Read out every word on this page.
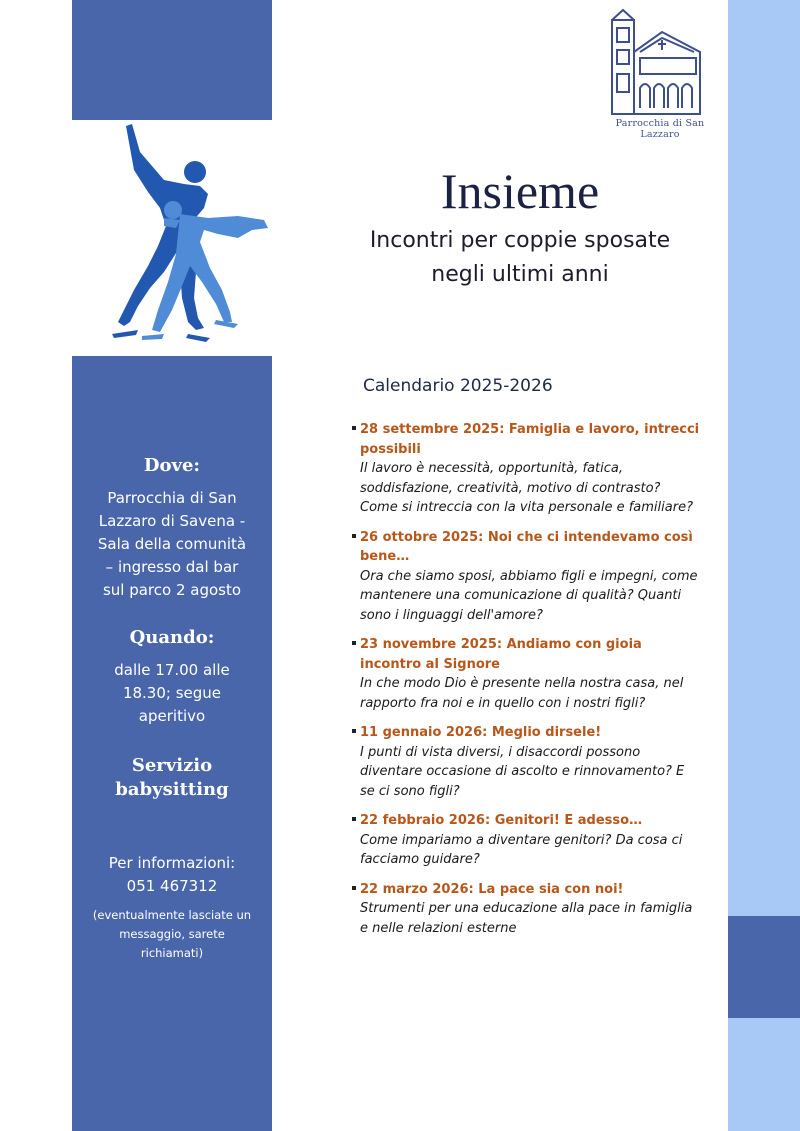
Parrocchia di San Lazzaro
Insieme
Incontri per coppie sposate
negli ultimi anni
Dove:
Parrocchia di San Lazzaro di Savena - Sala della comunità – ingresso dal bar sul parco 2 agosto
Quando:
dalle 17.00 alle 18.30; segue aperitivo
Servizio babysitting
Per informazioni:
051 467312
(eventualmente lasciate un messaggio, sarete richiamati)
Calendario 2025-2026
28 settembre 2025: Famiglia e lavoro, intrecci possibili
Il lavoro è necessità, opportunità, fatica, soddisfazione, creatività, motivo di contrasto? Come si intreccia con la vita personale e familiare?
26 ottobre 2025: Noi che ci intendevamo così bene…
Ora che siamo sposi, abbiamo figli e impegni, come mantenere una comunicazione di qualità? Quanti sono i linguaggi dell'amore?
23 novembre 2025: Andiamo con gioia incontro al Signore
In che modo Dio è presente nella nostra casa, nel rapporto fra noi e in quello con i nostri figli?
11 gennaio 2026: Meglio dirsele!
I punti di vista diversi, i disaccordi possono diventare occasione di ascolto e rinnovamento? E se ci sono figli?
22 febbraio 2026: Genitori! E adesso…
Come impariamo a diventare genitori? Da cosa ci facciamo guidare?
22 marzo 2026: La pace sia con noi!
Strumenti per una educazione alla pace in famiglia e nelle relazioni esterne
